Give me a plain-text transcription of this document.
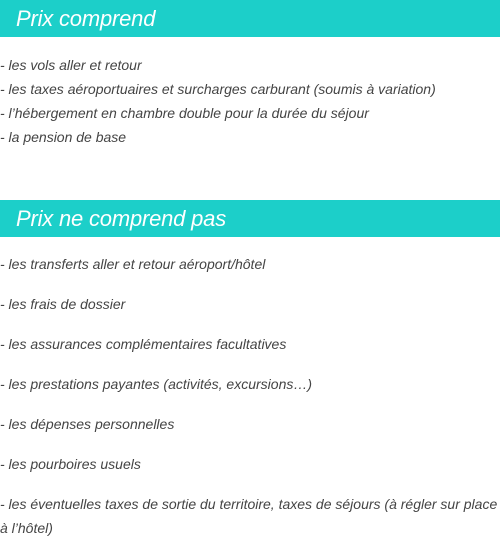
Prix comprend
- les vols aller et retour
- les taxes aéroportuaires et surcharges carburant (soumis à variation)
- l’hébergement en chambre double pour la durée du séjour
- la pension de base
Prix ne comprend pas
- les transferts aller et retour aéroport/hôtel
- les frais de dossier
- les assurances complémentaires facultatives
- les prestations payantes (activités, excursions…)
- les dépenses personnelles
- les pourboires usuels
- les éventuelles taxes de sortie du territoire, taxes de séjours (à régler sur place à l’hôtel)
